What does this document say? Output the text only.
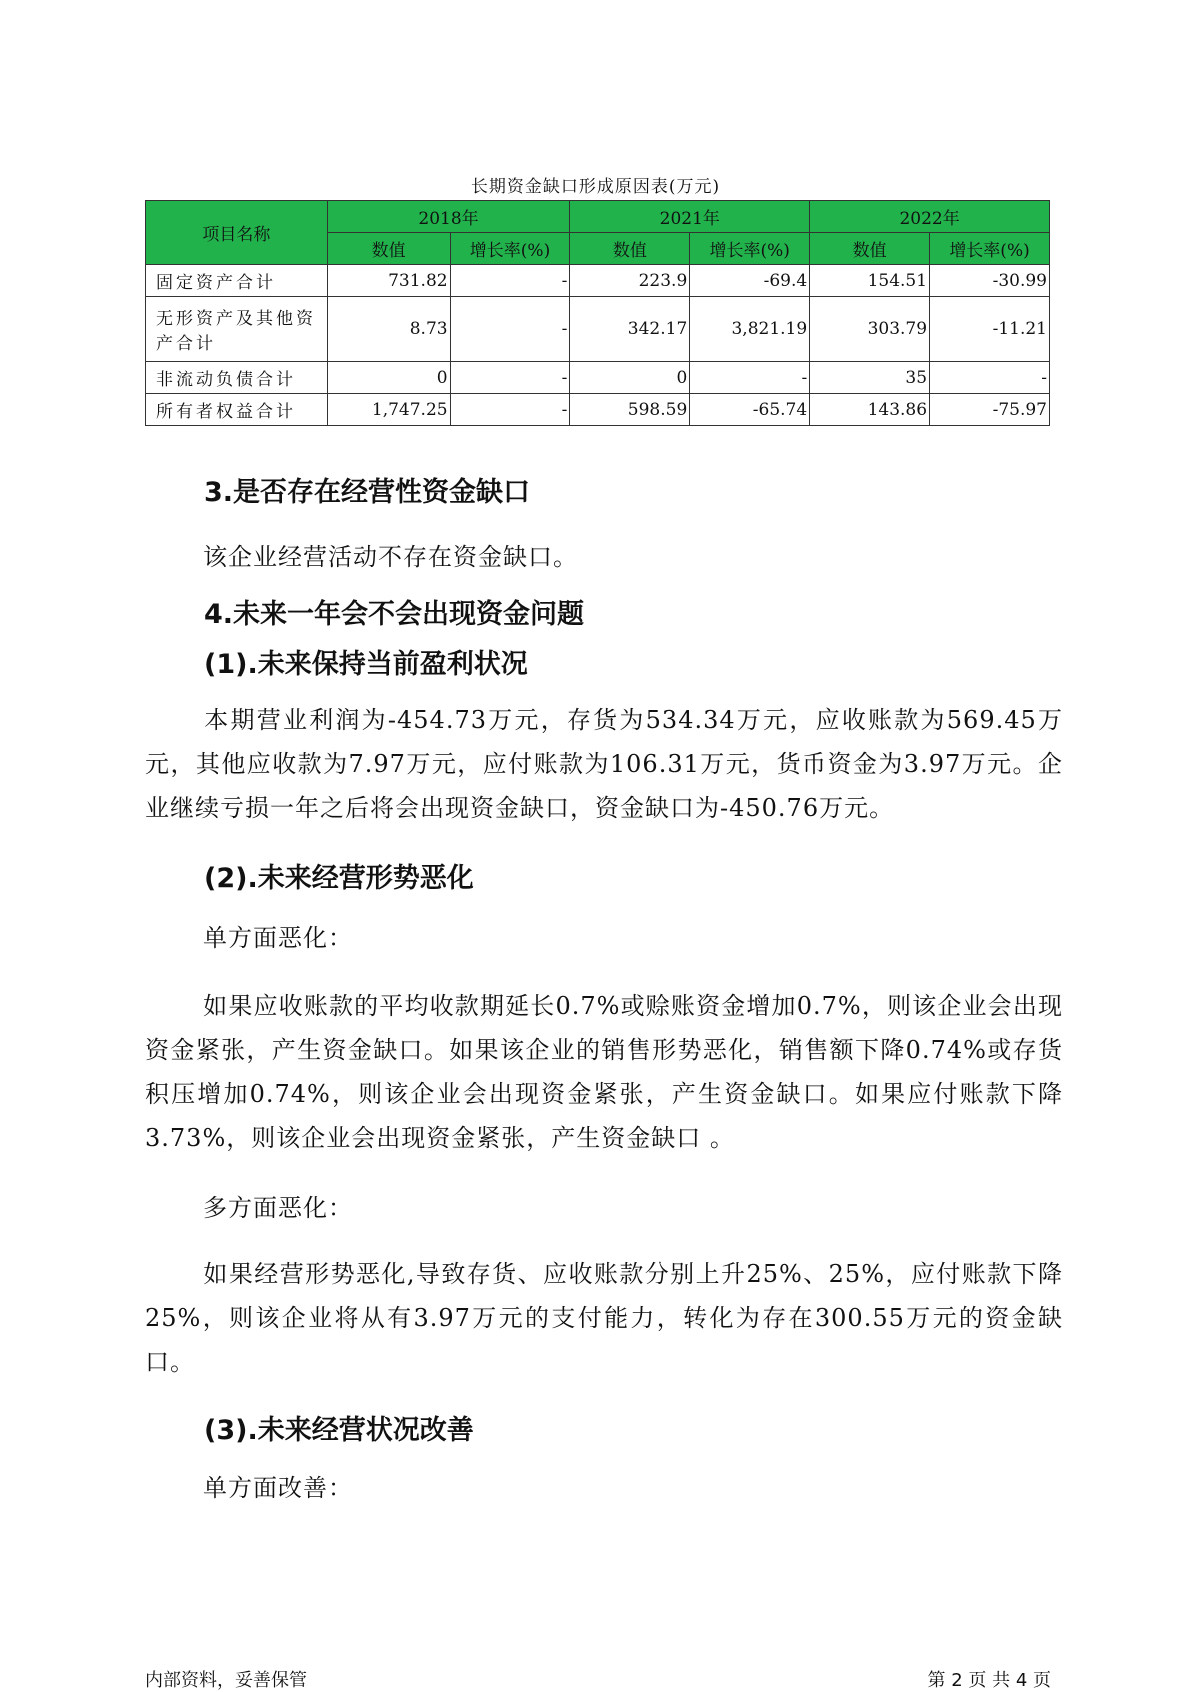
长期资金缺口形成原因表(万元)
项目名称	2018年		2021年		2022年	
	数值	增长率(%)	数值	增长率(%)	数值	增长率(%)
固定资产合计	731.82	-	223.9	-69.4	154.51	-30.99
无形资产及其他资产合计	8.73	-	342.17	3,821.19	303.79	-11.21
非流动负债合计	0	-	0	-	35	-
所有者权益合计	1,747.25	-	598.59	-65.74	143.86	-75.97
3.是否存在经营性资金缺口

该企业经营活动不存在资金缺口。

4.未来一年会不会出现资金问题
(1).未来保持当前盈利状况

本期营业利润为-454.73万元，存货为534.34万元，应收账款为569.45万元，其他应收款为7.97万元，应付账款为106.31万元，货币资金为3.97万元。企业继续亏损一年之后将会出现资金缺口，资金缺口为-450.76万元。

(2).未来经营形势恶化

单方面恶化：

如果应收账款的平均收款期延长0.7%或赊账资金增加0.7%，则该企业会出现资金紧张，产生资金缺口。如果该企业的销售形势恶化，销售额下降0.74%或存货积压增加0.74%，则该企业会出现资金紧张，产生资金缺口。如果应付账款下降3.73%，则该企业会出现资金紧张，产生资金缺口 。

多方面恶化：

如果经营形势恶化,导致存货、应收账款分别上升25%、25%，应付账款下降25%，则该企业将从有3.97万元的支付能力，转化为存在300.55万元的资金缺口。

(3).未来经营状况改善

单方面改善：

内部资料，妥善保管	第 2 页 共 4 页
